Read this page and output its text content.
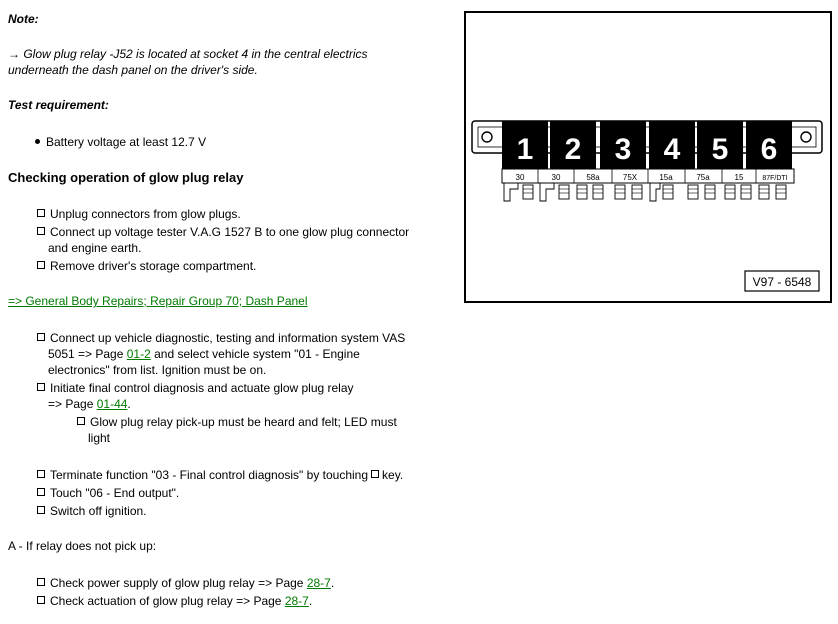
Note:
→ Glow plug relay -J52 is located at socket 4 in the central electrics
underneath the dash panel on the driver's side.
Test requirement:
Battery voltage at least 12.7 V
Checking operation of glow plug relay
Unplug connectors from glow plugs.
Connect up voltage tester V.A.G 1527 B to one glow plug connector
and engine earth.
Remove driver's storage compartment.
=> General Body Repairs; Repair Group 70; Dash Panel
Connect up vehicle diagnostic, testing and information system VAS
5051 => Page 01-2 and select vehicle system "01 - Engine
electronics" from list. Ignition must be on.
Initiate final control diagnosis and actuate glow plug relay
=> Page 01-44.
Glow plug relay pick-up must be heard and felt; LED must
light
Terminate function "03 - Final control diagnosis" by touching key.
Touch "06 - End output".
Switch off ignition.
A - If relay does not pick up:
Check power supply of glow plug relay => Page 28-7.
Check actuation of glow plug relay => Page 28-7.
1 2 3 4 5 6
30	30	58a	75X	15a	75a	15	87F/DTI
V97 - 6548
